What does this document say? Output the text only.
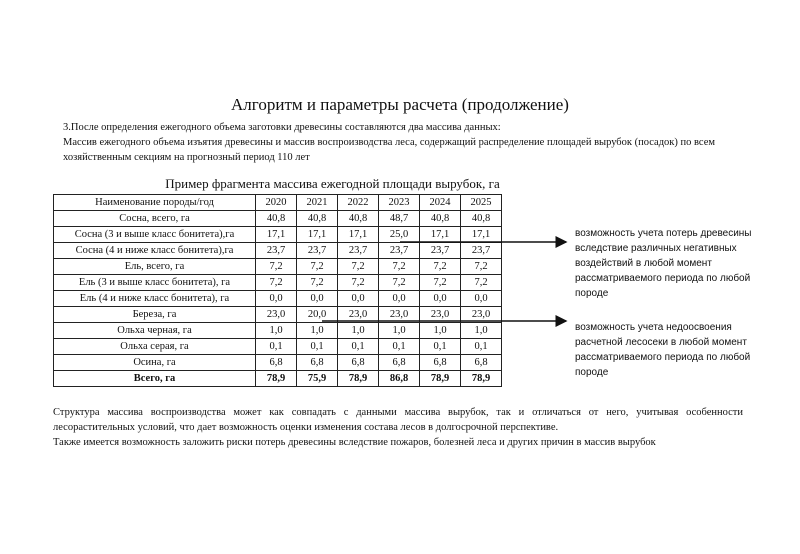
Алгоритм и параметры расчета (продолжение)
3.После определения ежегодного объема заготовки древесины составляются два массива данных:
Массив ежегодного объема изъятия древесины и массив воспроизводства леса, содержащий распределение площадей вырубок (посадок) по всем хозяйственным секциям на прогнозный период 110 лет
Пример фрагмента массива ежегодной площади вырубок, га
Наименование породы/год	2020	2021	2022	2023	2024	2025
Сосна, всего, га	40,8	40,8	40,8	48,7	40,8	40,8
Сосна (3 и выше класс бонитета),га	17,1	17,1	17,1	25,0	17,1	17,1
Сосна (4 и ниже класс бонитета),га	23,7	23,7	23,7	23,7	23,7	23,7
Ель, всего, га	7,2	7,2	7,2	7,2	7,2	7,2
Ель (3 и выше класс бонитета), га	7,2	7,2	7,2	7,2	7,2	7,2
Ель (4 и ниже класс бонитета), га	0,0	0,0	0,0	0,0	0,0	0,0
Береза, га	23,0	20,0	23,0	23,0	23,0	23,0
Ольха черная, га	1,0	1,0	1,0	1,0	1,0	1,0
Ольха серая, га	0,1	0,1	0,1	0,1	0,1	0,1
Осина, га	6,8	6,8	6,8	6,8	6,8	6,8
Всего, га	78,9	75,9	78,9	86,8	78,9	78,9
возможность учета потерь древесины вследствие различных негативных воздействий в любой момент рассматриваемого периода по любой породе
возможность учета недоосвоения расчетной лесосеки в любой момент рассматриваемого периода по любой породе
Структура массива воспроизводства может как совпадать с данными массива вырубок, так и отличаться от него, учитывая особенности лесорастительных условий, что дает возможность оценки изменения состава лесов в долгосрочной перспективе.
Также имеется возможность заложить риски потерь древесины вследствие пожаров, болезней леса и других причин в массив вырубок
